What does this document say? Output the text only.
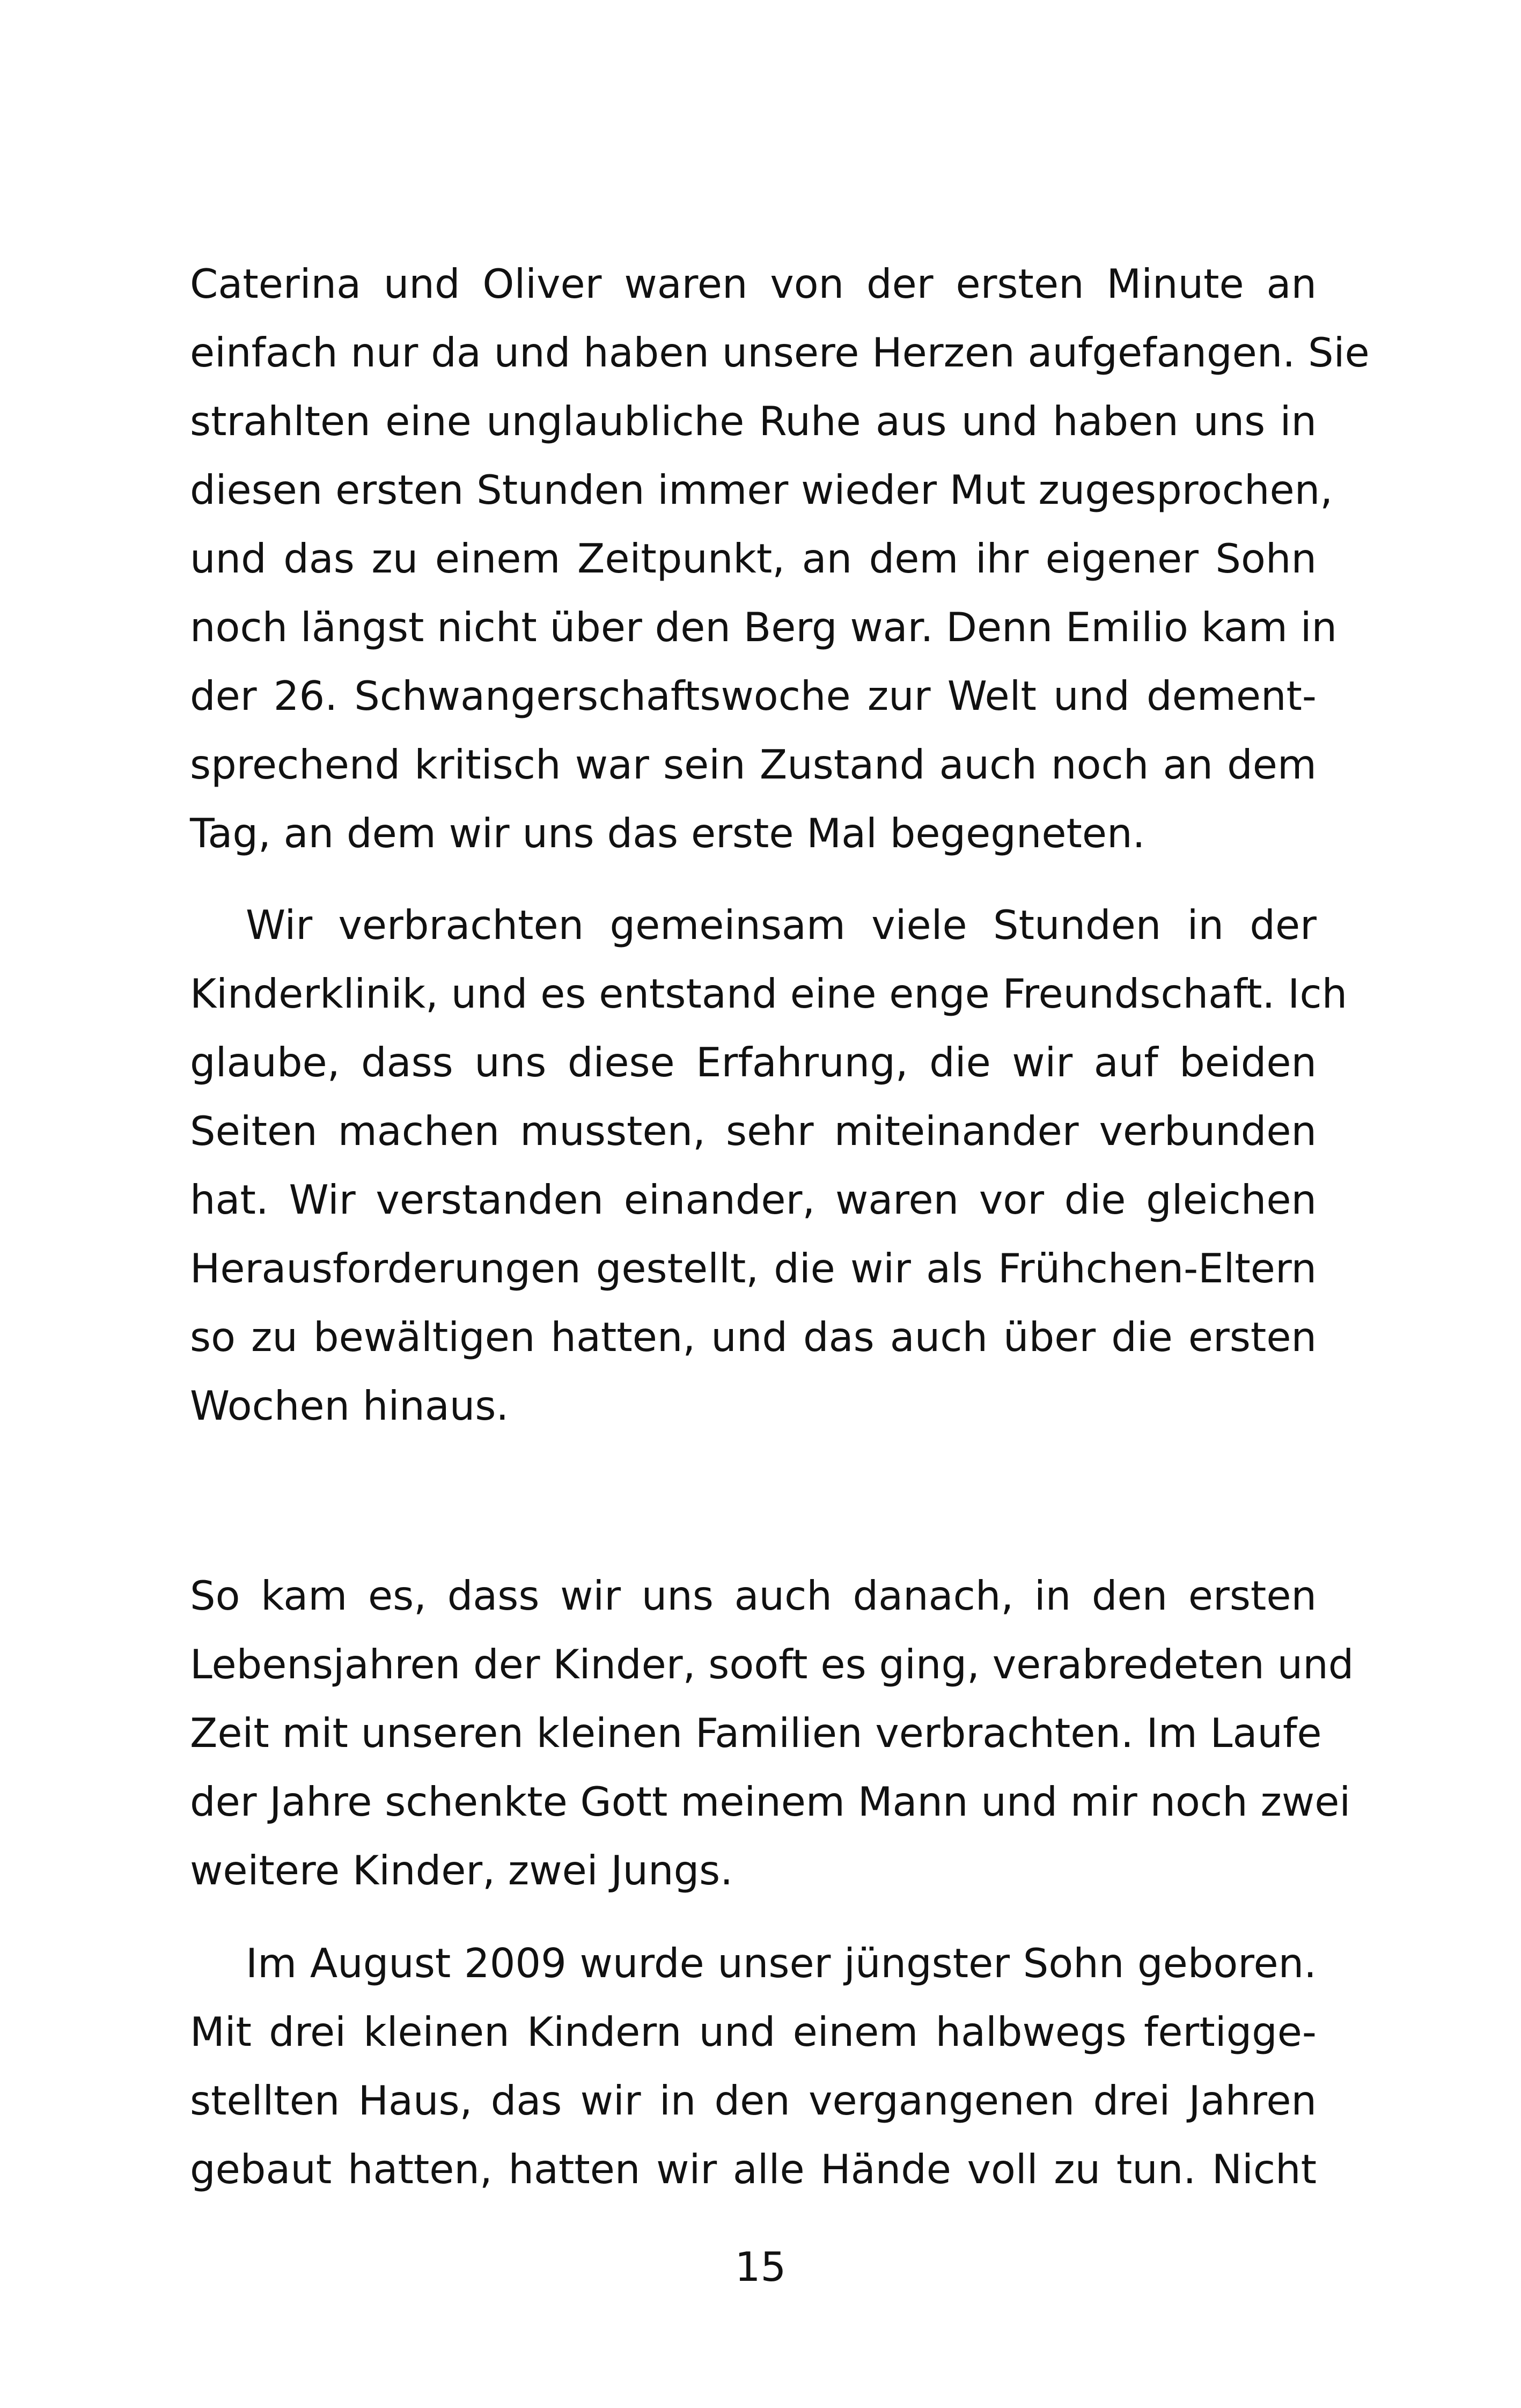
Caterina und Oliver waren von der ersten Minute an
einfach nur da und haben unsere Herzen aufgefangen. Sie
strahlten eine unglaubliche Ruhe aus und haben uns in
diesen ersten Stunden immer wieder Mut zugesprochen,
und das zu einem Zeitpunkt, an dem ihr eigener Sohn
noch längst nicht über den Berg war. Denn Emilio kam in
der 26. Schwangerschaftswoche zur Welt und dement-
sprechend kritisch war sein Zustand auch noch an dem
Tag, an dem wir uns das erste Mal begegneten.
Wir verbrachten gemeinsam viele Stunden in der
Kinderklinik, und es entstand eine enge Freundschaft. Ich
glaube, dass uns diese Erfahrung, die wir auf beiden
Seiten machen mussten, sehr miteinander verbunden
hat. Wir verstanden einander, waren vor die gleichen
Herausforderungen gestellt, die wir als Frühchen-Eltern
so zu bewältigen hatten, und das auch über die ersten
Wochen hinaus.
So kam es, dass wir uns auch danach, in den ersten
Lebensjahren der Kinder, sooft es ging, verabredeten und
Zeit mit unseren kleinen Familien verbrachten. Im Laufe
der Jahre schenkte Gott meinem Mann und mir noch zwei
weitere Kinder, zwei Jungs.
Im August 2009 wurde unser jüngster Sohn geboren.
Mit drei kleinen Kindern und einem halbwegs fertigge-
stellten Haus, das wir in den vergangenen drei Jahren
gebaut hatten, hatten wir alle Hände voll zu tun. Nicht
15
